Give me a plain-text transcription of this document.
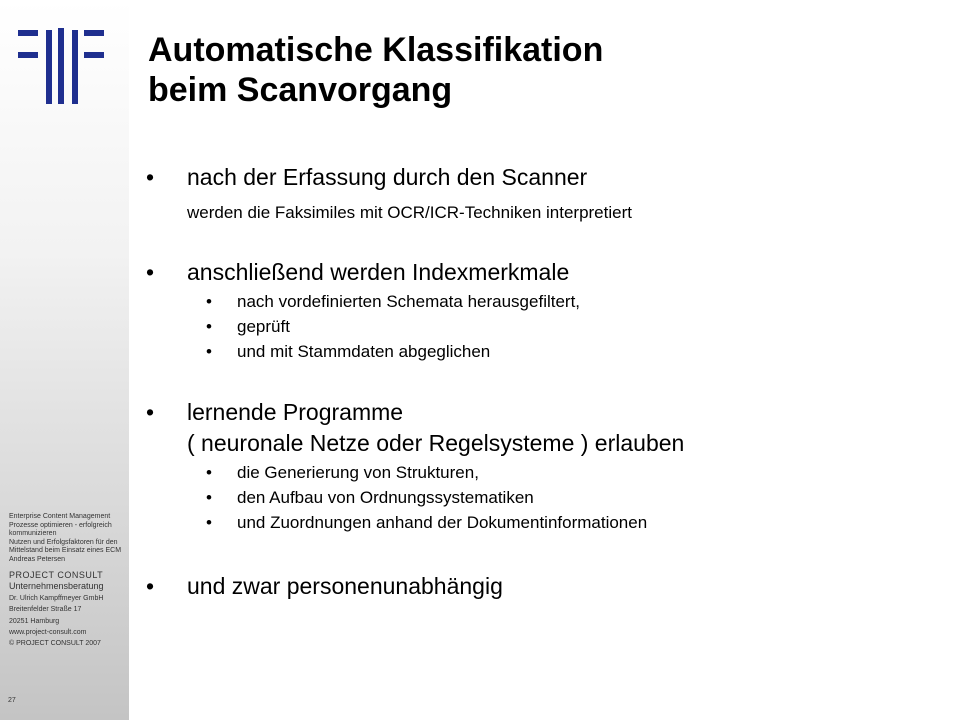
Enterprise Content Management

Prozesse optimieren - erfolgreich kommunizieren

Nutzen und Erfolgsfaktoren für den Mittelstand beim Einsatz eines ECM

Andreas Petersen

PROJECT CONSULT
Unternehmensberatung

Dr. Ulrich Kampffmeyer GmbH

Breitenfelder Straße 17

20251 Hamburg

www.project-consult.com

© PROJECT CONSULT 2007

27
Automatische Klassifikation
beim Scanvorgang
• nach der Erfassung durch den Scanner
werden die Faksimiles mit OCR/ICR-Techniken interpretiert
• anschließend werden Indexmerkmale
• nach vordefinierten Schemata herausgefiltert,
• geprüft
• und mit Stammdaten abgeglichen
• lernende Programme
( neuronale Netze oder Regelsysteme ) erlauben
• die Generierung von Strukturen,
• den Aufbau von Ordnungssystematiken
• und Zuordnungen anhand der Dokumentinformationen
• und zwar personenunabhängig
